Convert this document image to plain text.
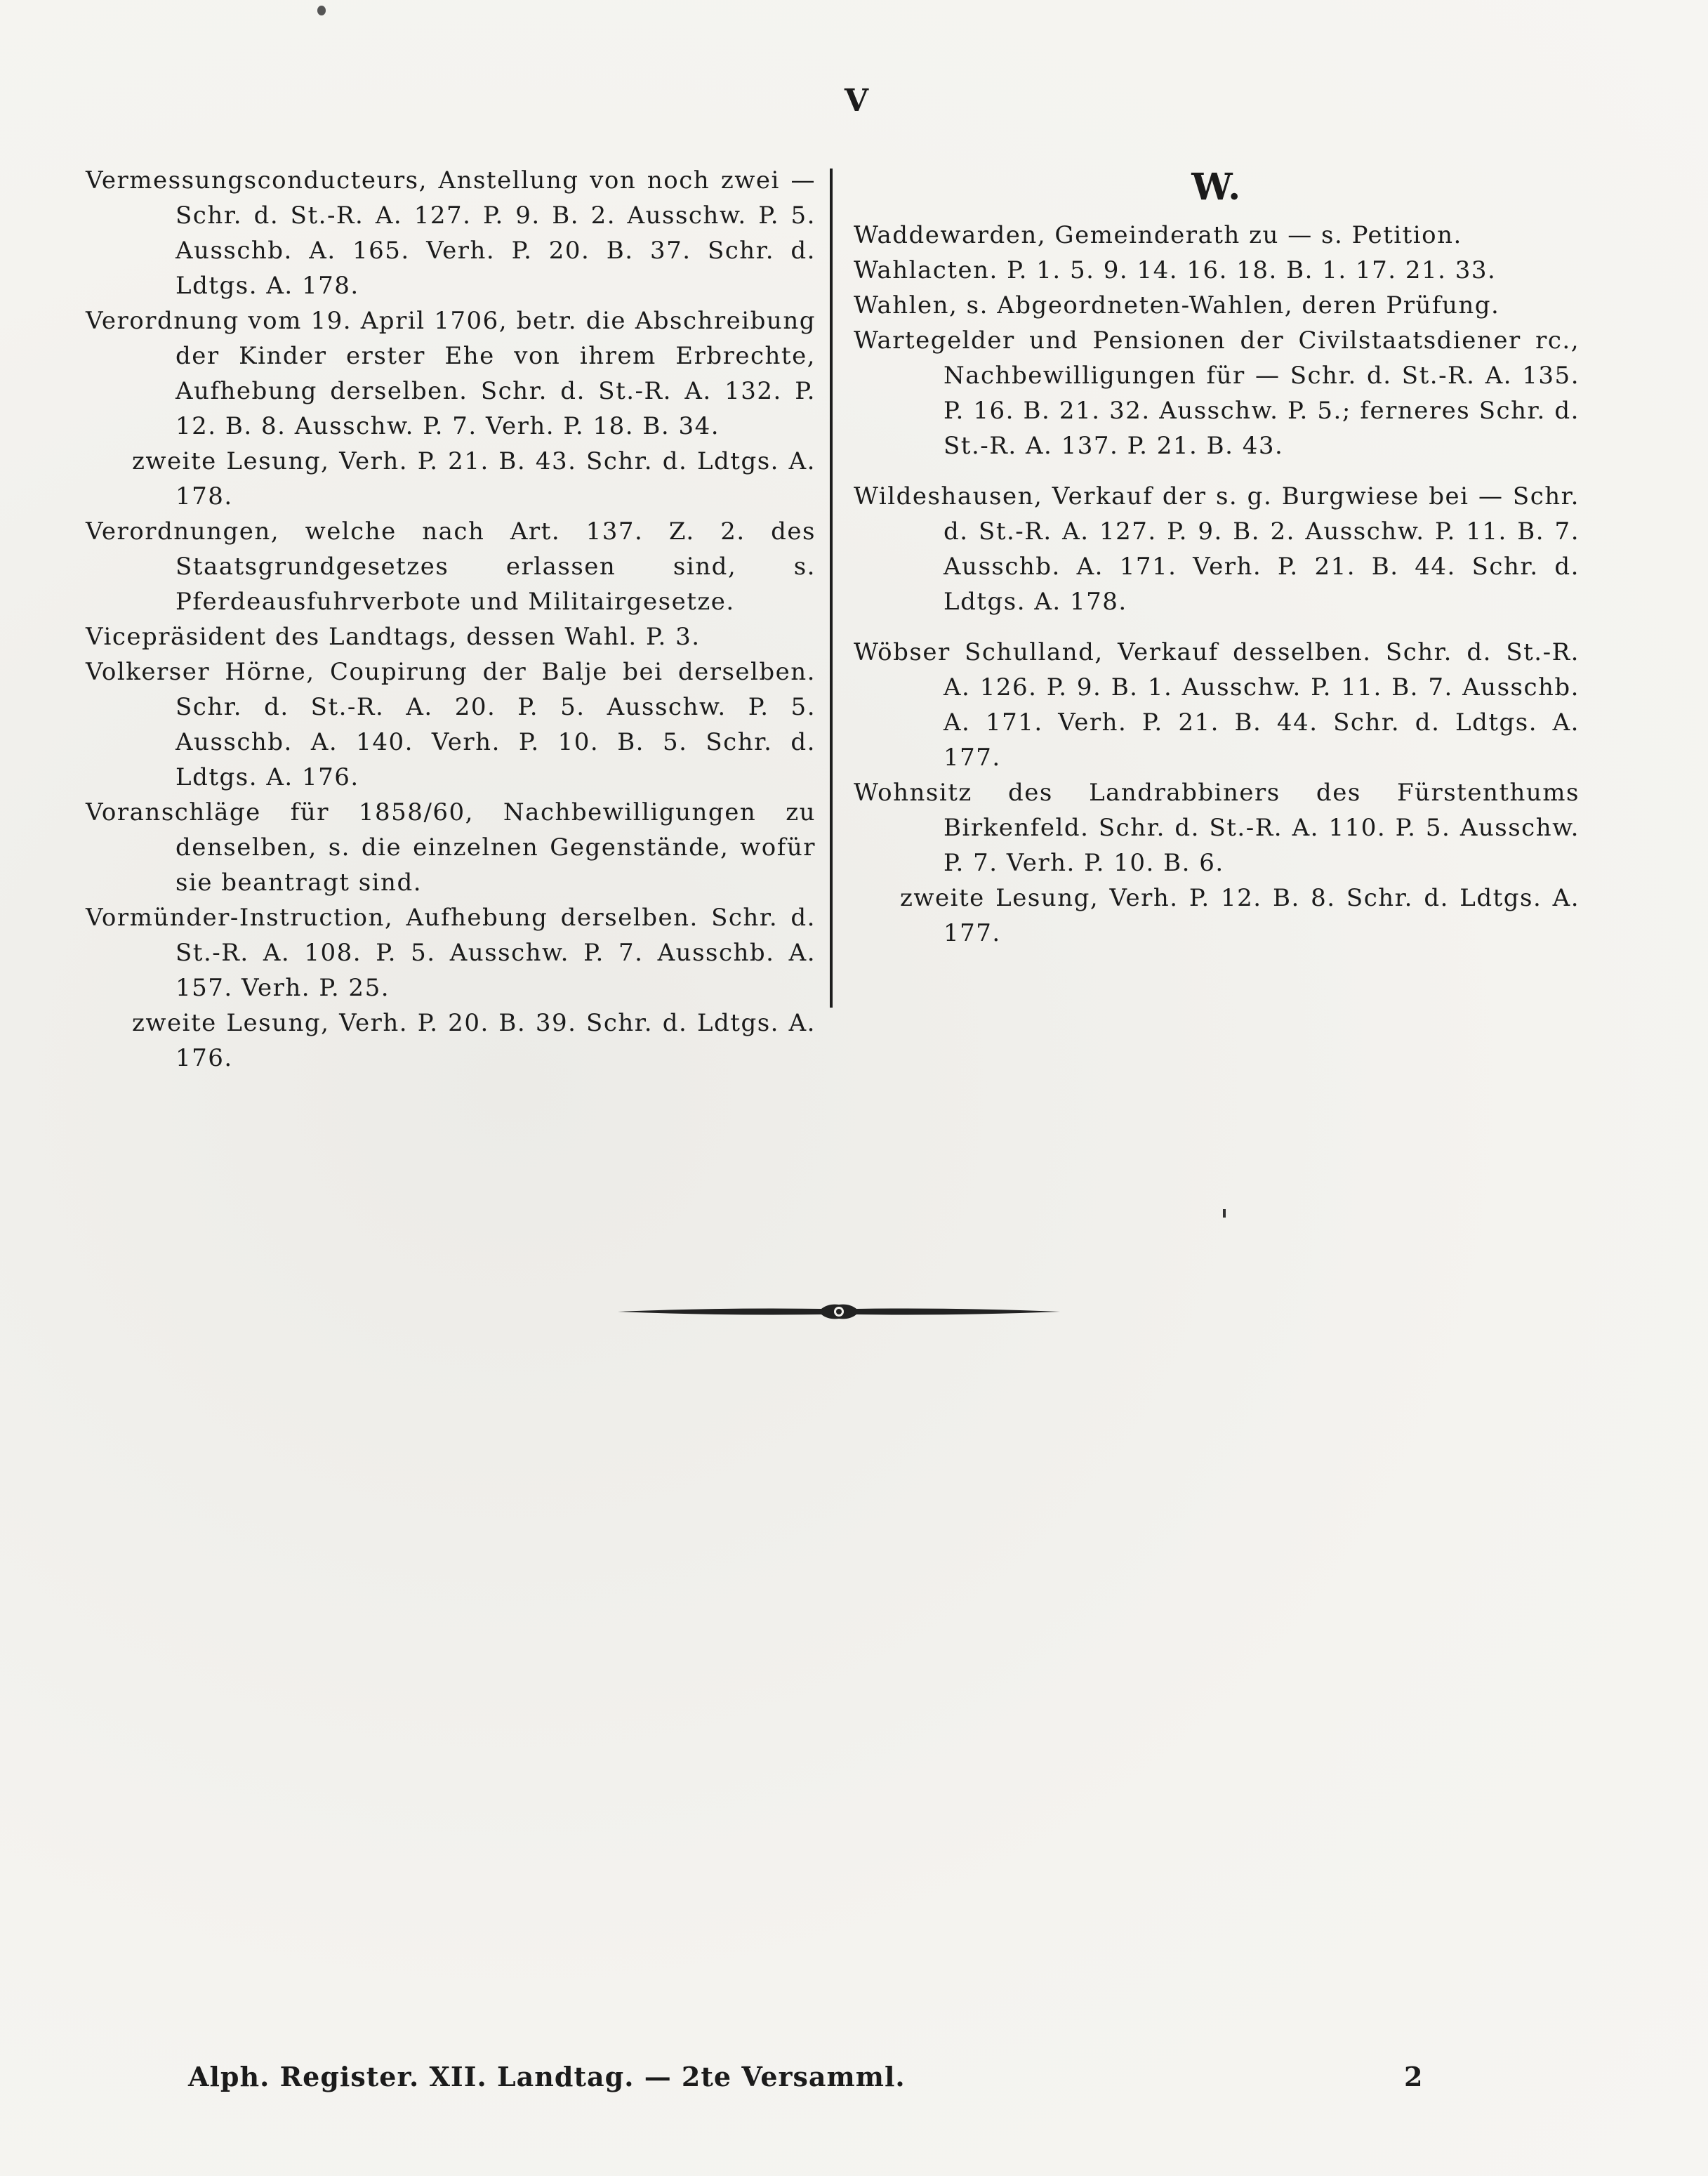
V
Vermessungsconducteurs, Anstellung von noch zwei — Schr. d. St.-R. A. 127. P. 9. B. 2. Ausschw. P. 5. Ausschb. A. 165. Verh. P. 20. B. 37. Schr. d. Ldtgs. A. 178.
Verordnung vom 19. April 1706, betr. die Abschreibung der Kinder erster Ehe von ihrem Erbrechte, Aufhebung derselben. Schr. d. St.-R. A. 132. P. 12. B. 8. Ausschw. P. 7. Verh. P. 18. B. 34.
zweite Lesung, Verh. P. 21. B. 43. Schr. d. Ldtgs. A. 178.
Verordnungen, welche nach Art. 137. Z. 2. des Staatsgrundgesetzes erlassen sind, s. Pferdeausfuhrverbote und Militairgesetze.
Vicepräsident des Landtags, dessen Wahl. P. 3.
Volkerser Hörne, Coupirung der Balje bei derselben. Schr. d. St.-R. A. 20. P. 5. Ausschw. P. 5. Ausschb. A. 140. Verh. P. 10. B. 5. Schr. d. Ldtgs. A. 176.
Voranschläge für 1858/60, Nachbewilligungen zu denselben, s. die einzelnen Gegenstände, wofür sie beantragt sind.
Vormünder-Instruction, Aufhebung derselben. Schr. d. St.-R. A. 108. P. 5. Ausschw. P. 7. Ausschb. A. 157. Verh. P. 25.
zweite Lesung, Verh. P. 20. B. 39. Schr. d. Ldtgs. A. 176.
W.
Waddewarden, Gemeinderath zu — s. Petition.
Wahlacten. P. 1. 5. 9. 14. 16. 18. B. 1. 17. 21. 33.
Wahlen, s. Abgeordneten-Wahlen, deren Prüfung.
Wartegelder und Pensionen der Civilstaatsdiener rc., Nachbewilligungen für — Schr. d. St.-R. A. 135. P. 16. B. 21. 32. Ausschw. P. 5.; ferneres Schr. d. St.-R. A. 137. P. 21. B. 43.
Wildeshausen, Verkauf der s. g. Burgwiese bei — Schr. d. St.-R. A. 127. P. 9. B. 2. Ausschw. P. 11. B. 7. Ausschb. A. 171. Verh. P. 21. B. 44. Schr. d. Ldtgs. A. 178.
Wöbser Schulland, Verkauf desselben. Schr. d. St.-R. A. 126. P. 9. B. 1. Ausschw. P. 11. B. 7. Ausschb. A. 171. Verh. P. 21. B. 44. Schr. d. Ldtgs. A. 177.
Wohnsitz des Landrabbiners des Fürstenthums Birkenfeld. Schr. d. St.-R. A. 110. P. 5. Ausschw. P. 7. Verh. P. 10. B. 6.
zweite Lesung, Verh. P. 12. B. 8. Schr. d. Ldtgs. A. 177.
Alph. Register. XII. Landtag. — 2te Versamml.	2
